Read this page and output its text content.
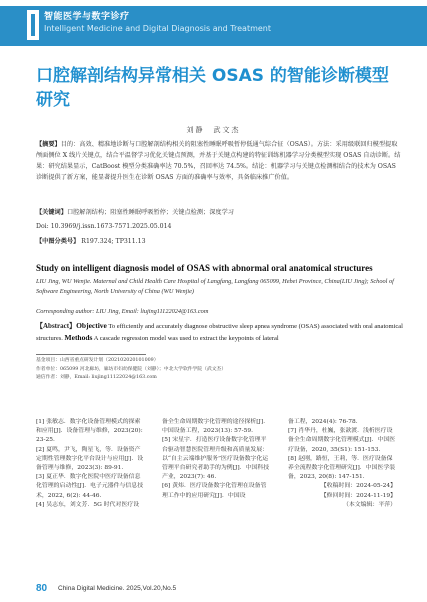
智能医学与数字诊疗
Intelligent Medicine and Digital Diagnosis and Treatment
口腔解剖结构异常相关 OSAS 的智能诊断模型研究
刘静　武文杰
【摘要】目的：高效、精准地诊断与口腔解剖结构相关的阻塞性睡眠呼吸暂停低通气综合征（OSAS）。方法：采用级联回归模型提取颅面侧位 X 线片关键点，结合平温督学习优化关键点预测，并基于关键点构建的特征训练机器学习分类模型实现 OSAS 自动诊断。结果：研究结果显示，CatBoost 模型分类准确率达 70.5%，召回率达 74.5%。结论：机器学习与关键点检测相结合的技术为 OSAS 诊断提供了新方案，能显著提升医生在诊断 OSAS 方面的准确率与效率，具备临床推广价值。
【关键词】口腔解剖结构；阻塞性睡眠呼吸暂停；关键点检测；深度学习
Doi: 10.3969/j.issn.1673-7571.2025.05.014
【中图分类号】 R197.324; TP311.13
Study on intelligent diagnosis model of OSAS with abnormal oral anatomical structures
LIU Jing, WU Wenjie. Maternal and Child Health Care Hospital of Langfang, Langfang 065099, Hebei Province, China(LIU Jing); School of Software Engineering, North University of China (WU Wenjie)
Corresponding author: LIU Jing, Email: liujing11122024@163.com
【Abstract】Objective To efficiently and accurately diagnose obstructive sleep apnea syndrome (OSAS) associated with oral anatomical structures. Methods A cascade regression model was used to extract the keypoints of lateral
基金项目：山西省重点研发计划（202102020101009）
作者单位：065099 河北廊坊，廊坊市妇幼保健院（刘静）；中北大学软件学院（武文杰）
通信作者：刘静，Email: liujing11122024@163.com
[1] 张敏志．数字化设备管理模式的探索和应用[J]．设备管理与维修，2023(20): 23-25.
[2] 夏鸣，尹飞，陶星飞，等．设备资产定期性管理数字化平台设计与应用[J]．设备管理与维修，2023(3): 89-91.
[3] 夏正华．数字化医院中医疗设备信息化管理的启动性[J]．电子元器件与信息技术，2022, 6(2): 44-46.
[4] 吴志东，刘文芳．5G 时代对医疗设
备全生命周期数字化管理的途径探析[J]．中国设备工程，2023(13): 57-59.
[5] 宋星宇．打造医疗设备数字化管理平台驱动智慧医院管理升级和高质量发展：以“自主云端维护服务”医疗设备数字化运管理平台研究者助手的为例[J]．中国科技产业，2023(7): 46.
[6] 黄炜．医疗设备数字化管理在设备管理工作中的应用研究[J]．中国设
备工程，2024(4): 76-78.
[7] 肖华丹，杜巍，张歆渡．浅析医疗设备全生命周期数字化管理模式[J]．中国医疗设备，2020, 35(S1): 151-153.
[8] 赵刚，路恒，王莉，等．医疗设备保养全流程数字化管理研究[J]．中国医学装备，2023, 20(8): 147-151.
【收稿时间：2024-05-24】
【修回时间：2024-11-19】
（本文编辑：平萍）
80 China Digital Medicine. 2025,Vol.20,No.5
